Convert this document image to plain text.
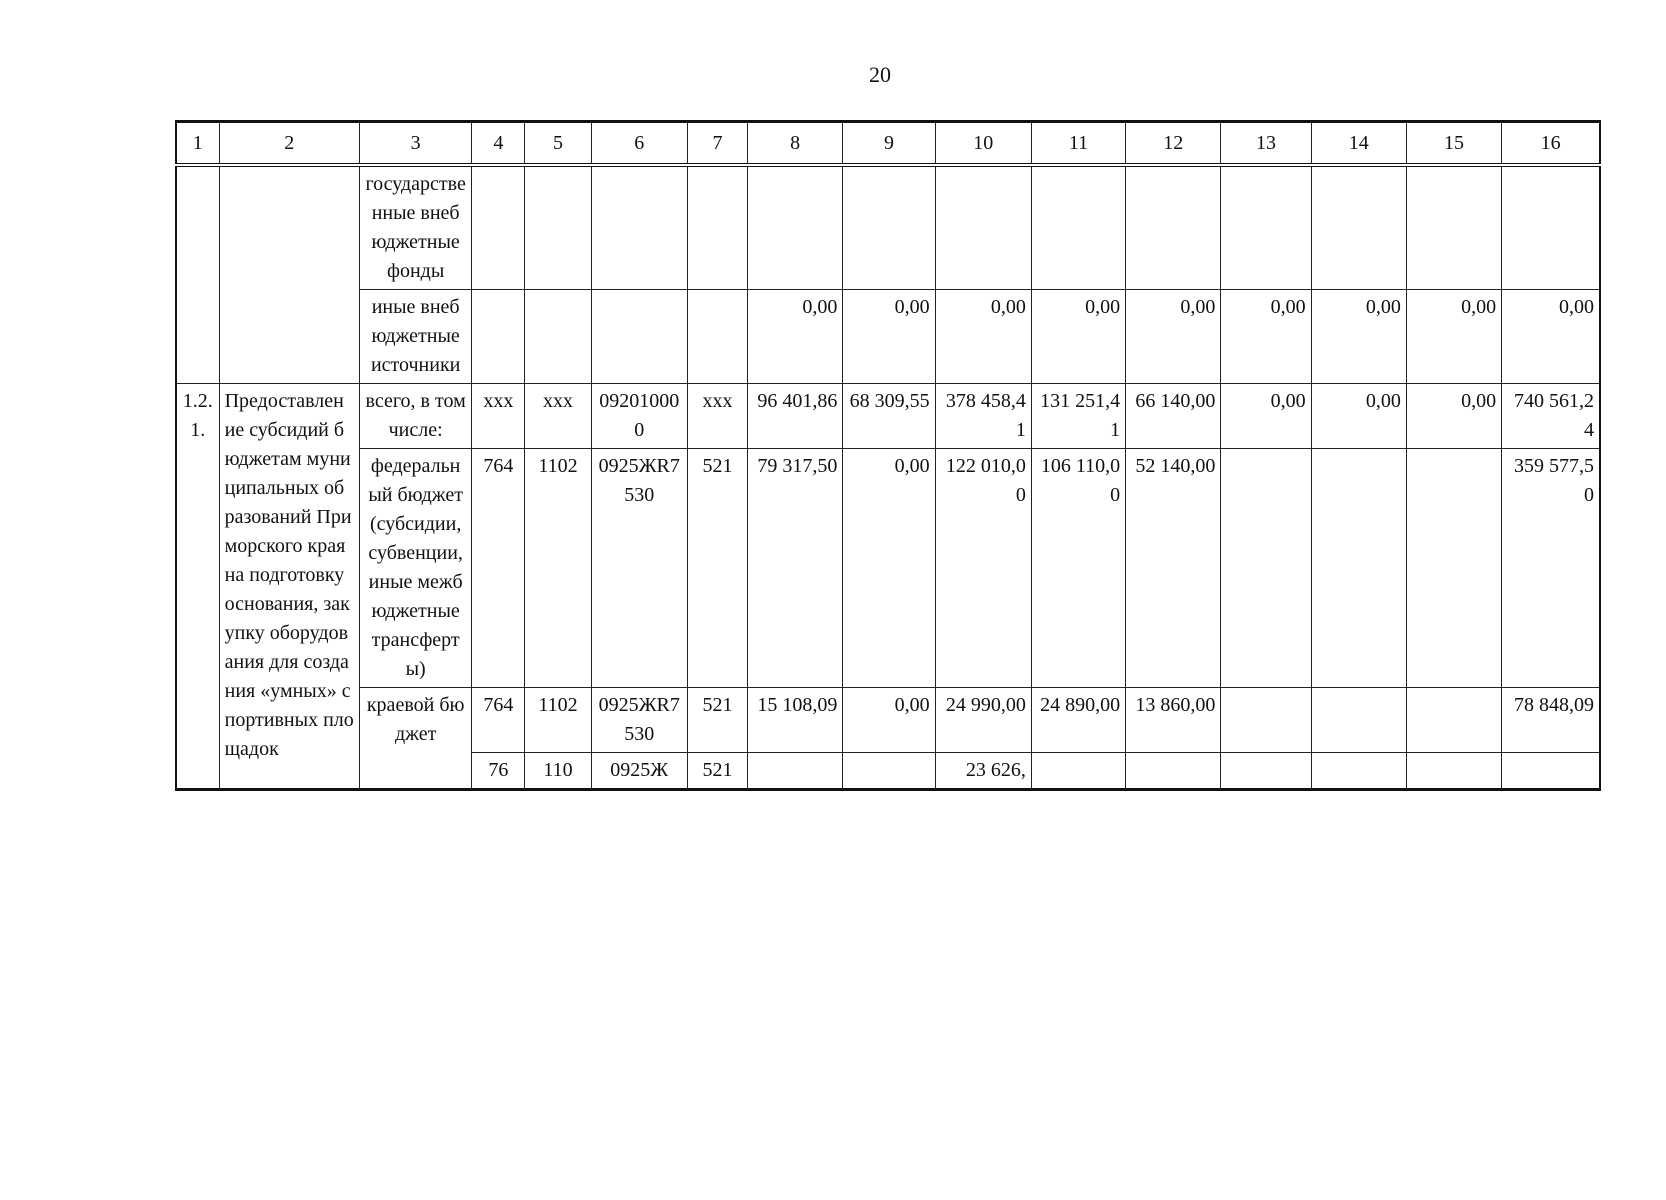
20
1	2	3	4	5	6	7	8	9	10	11	12	13	14	15	16
		государственные внебюджетные фонды													
		иные внебюджетные источники					0,00	0,00	0,00	0,00	0,00	0,00	0,00	0,00	0,00
1.2.1.	Предоставление субсидий бюджетам муниципальных образований Приморского края на подготовку основания, закупку оборудования для создания «умных» спортивных площадок	всего, в том числе:	ххх	ххх	092010000	ххх	96 401,86	68 309,55	378 458,41	131 251,41	66 140,00	0,00	0,00	0,00	740 561,24
		федеральный бюджет (субсидии, субвенции, иные межбюджетные трансферты)	764	1102	0925ЖR7530	521	79 317,50	0,00	122 010,00	106 110,00	52 140,00				359 577,50
		краевой бюджет	764	1102	0925ЖR7530	521	15 108,09	0,00	24 990,00	24 890,00	13 860,00				78 848,09
			76	110	0925Ж	521			23 626,						
